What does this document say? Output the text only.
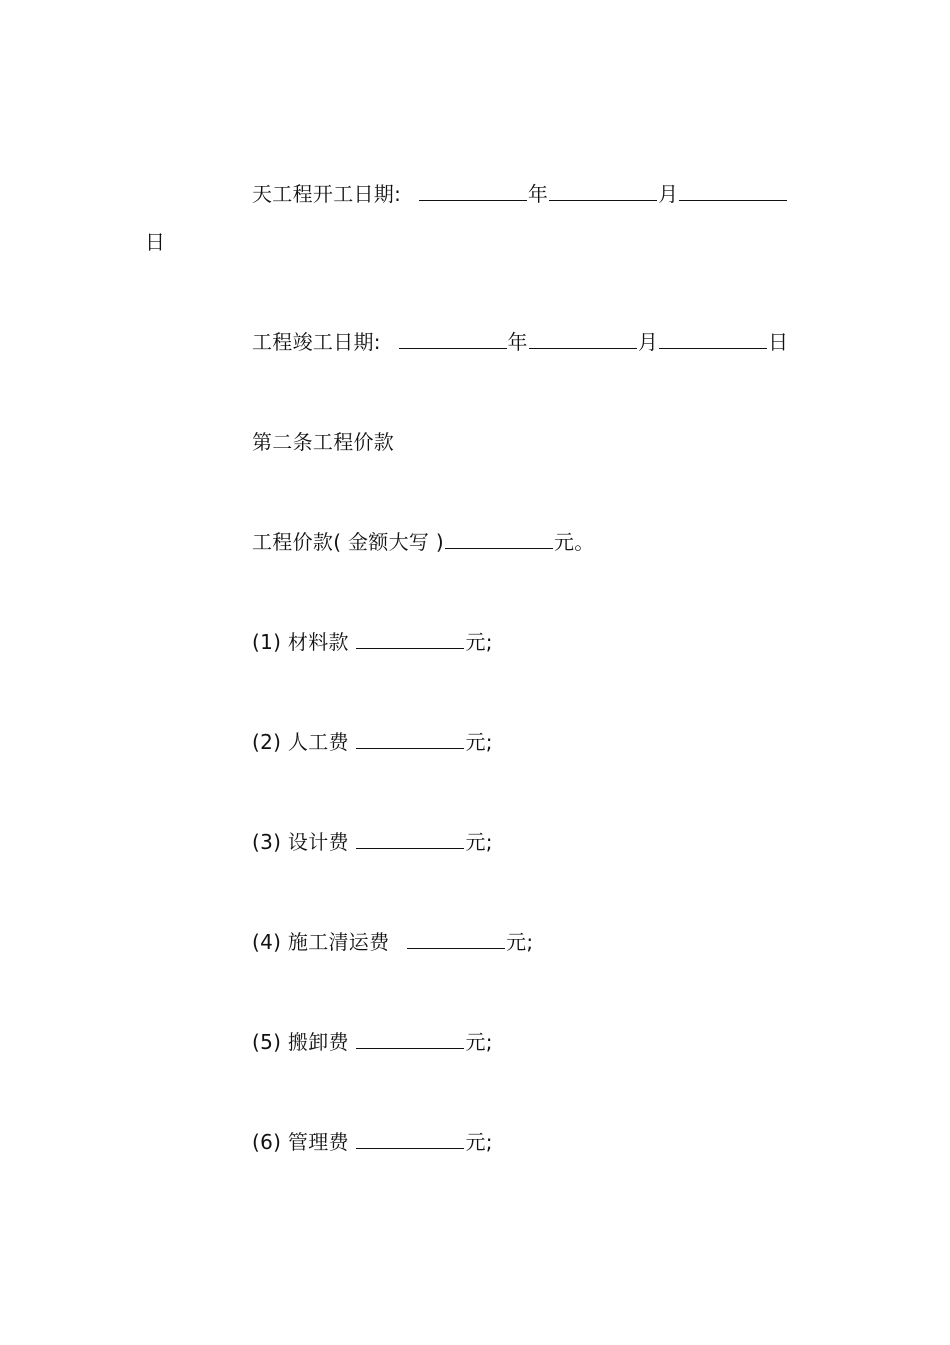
天工程开工日期:	年	月
日
工程竣工日期:	年	月	日
第二条工程价款
工程价款( 金额大写 )	元。
(1) 材料款	元;
(2) 人工费	元;
(3) 设计费	元;
(4) 施工清运费	元;
(5) 搬卸费	元;
(6) 管理费	元;
